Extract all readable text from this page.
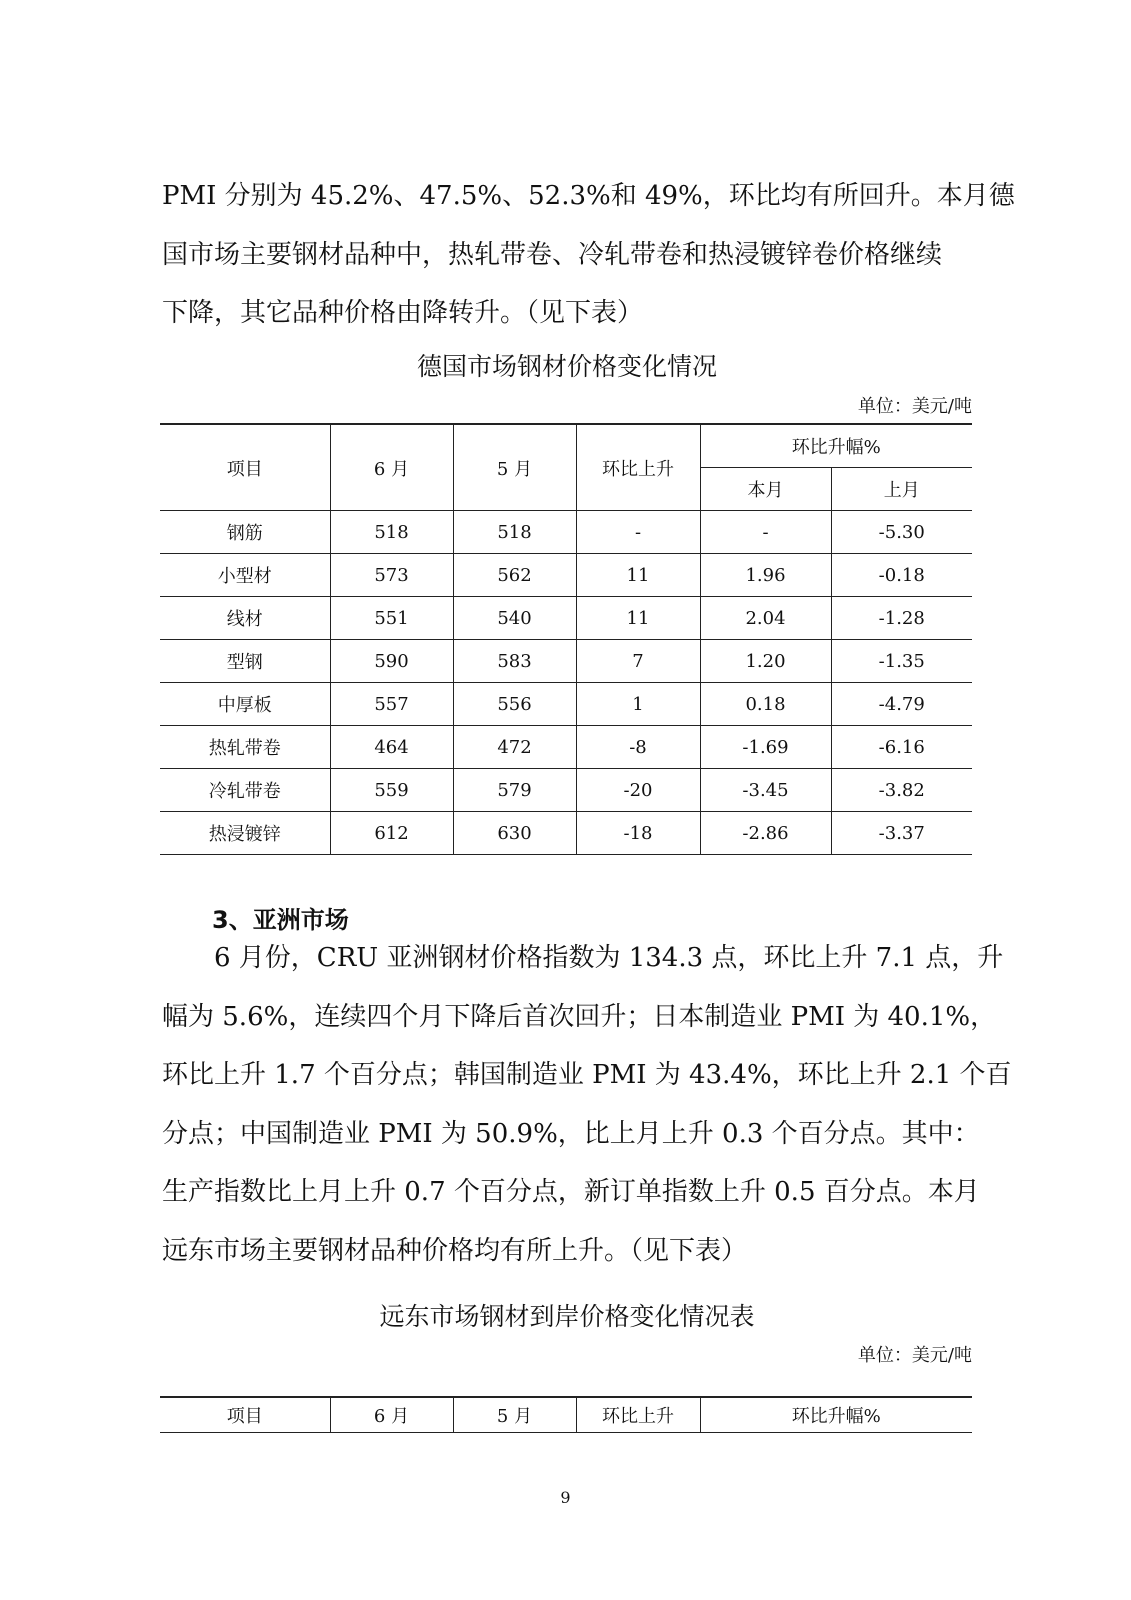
PMI 分别为 45.2%、47.5%、52.3%和 49%，环比均有所回升。本月德
国市场主要钢材品种中，热轧带卷、冷轧带卷和热浸镀锌卷价格继续
下降，其它品种价格由降转升。（见下表）

德国市场钢材价格变化情况

单位：美元/吨
项目	6 月	5 月	环比上升	环比升幅%	
				本月	上月
钢筋	518	518	-	-	-5.30
小型材	573	562	11	1.96	-0.18
线材	551	540	11	2.04	-1.28
型钢	590	583	7	1.20	-1.35
中厚板	557	556	1	0.18	-4.79
热轧带卷	464	472	-8	-1.69	-6.16
冷轧带卷	559	579	-20	-3.45	-3.82
热浸镀锌	612	630	-18	-2.86	-3.37
3、亚洲市场

6 月份，CRU 亚洲钢材价格指数为 134.3 点，环比上升 7.1 点，升
幅为 5.6%，连续四个月下降后首次回升；日本制造业 PMI 为 40.1%，
环比上升 1.7 个百分点；韩国制造业 PMI 为 43.4%，环比上升 2.1 个百
分点；中国制造业 PMI 为 50.9%，比上月上升 0.3 个百分点。其中：
生产指数比上月上升 0.7 个百分点，新订单指数上升 0.5 百分点。本月
远东市场主要钢材品种价格均有所上升。（见下表）

远东市场钢材到岸价格变化情况表

单位：美元/吨
项目	6 月	5 月	环比上升	环比升幅%
9
